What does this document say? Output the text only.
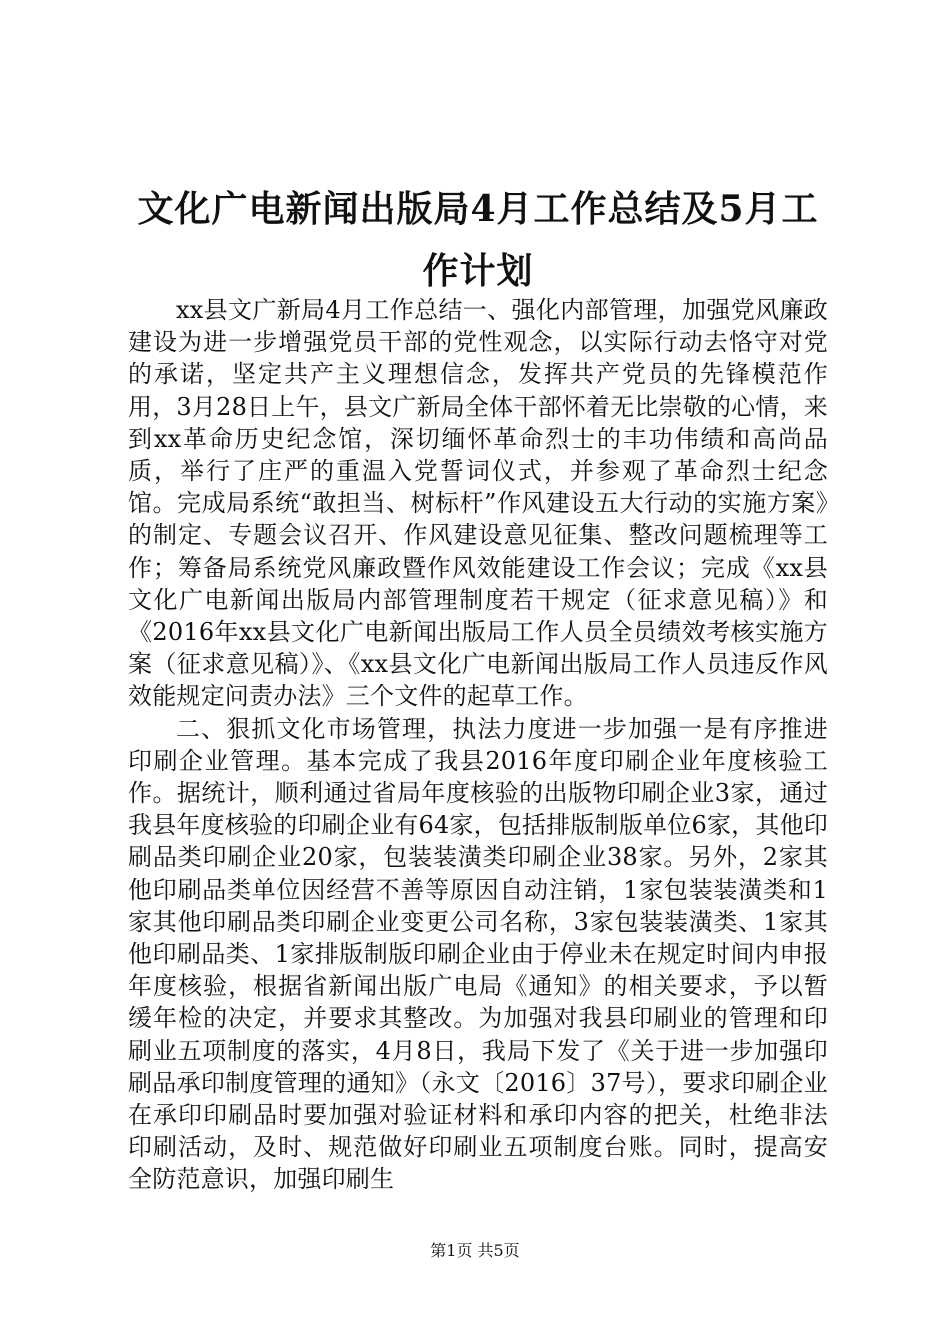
文化广电新闻出版局4月工作总结及5月工作计划

xx县文广新局4月工作总结一、强化内部管理，加强党风廉政建设为进一步增强党员干部的党性观念，以实际行动去恪守对党的承诺，坚定共产主义理想信念，发挥共产党员的先锋模范作用，3月28日上午，县文广新局全体干部怀着无比崇敬的心情，来到xx革命历史纪念馆，深切缅怀革命烈士的丰功伟绩和高尚品质，举行了庄严的重温入党誓词仪式，并参观了革命烈士纪念馆。完成局系统“敢担当、树标杆”作风建设五大行动的实施方案》的制定、专题会议召开、作风建设意见征集、整改问题梳理等工作；筹备局系统党风廉政暨作风效能建设工作会议；完成《xx县文化广电新闻出版局内部管理制度若干规定（征求意见稿）》和《2016年xx县文化广电新闻出版局工作人员全员绩效考核实施方案（征求意见稿）》、《xx县文化广电新闻出版局工作人员违反作风效能规定问责办法》三个文件的起草工作。

二、狠抓文化市场管理，执法力度进一步加强一是有序推进印刷企业管理。基本完成了我县2016年度印刷企业年度核验工作。据统计，顺利通过省局年度核验的出版物印刷企业3家，通过我县年度核验的印刷企业有64家，包括排版制版单位6家，其他印刷品类印刷企业20家，包装装潢类印刷企业38家。另外，2家其他印刷品类单位因经营不善等原因自动注销，1家包装装潢类和1家其他印刷品类印刷企业变更公司名称，3家包装装潢类、1家其他印刷品类、1家排版制版印刷企业由于停业未在规定时间内申报年度核验，根据省新闻出版广电局《通知》的相关要求，予以暂缓年检的决定，并要求其整改。为加强对我县印刷业的管理和印刷业五项制度的落实，4月8日，我局下发了《关于进一步加强印刷品承印制度管理的通知》（永文〔2016〕37号），要求印刷企业在承印印刷品时要加强对验证材料和承印内容的把关，杜绝非法印刷活动，及时、规范做好印刷业五项制度台账。同时，提高安全防范意识，加强印刷生

第1页 共5页
